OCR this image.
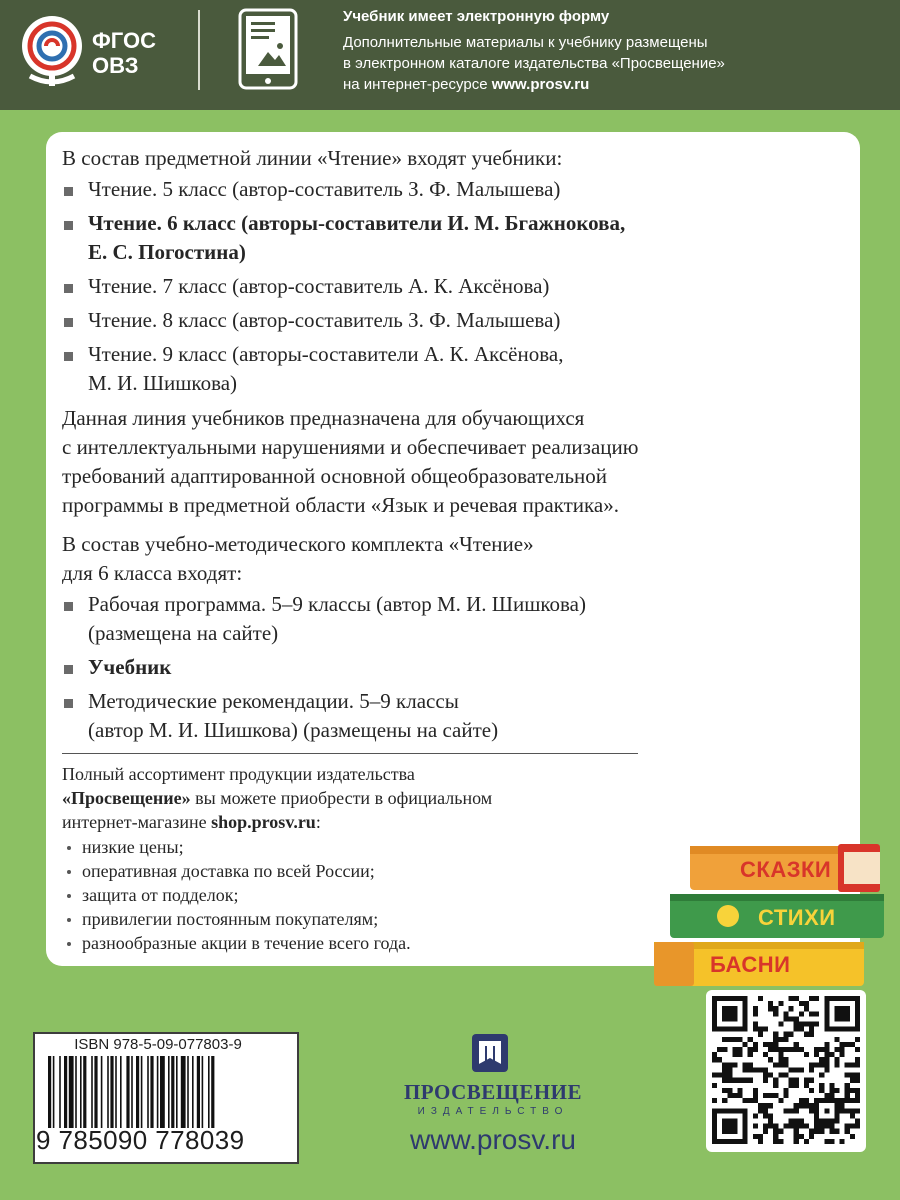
ФГОС
ОВЗ
Учебник имеет электронную форму
Дополнительные материалы к учебнику размещены
в электронном каталоге издательства «Просвещение»
на интернет-ресурсе www.prosv.ru

В состав предметной линии «Чтение» входят учебники:

Чтение. 5 класс (автор-составитель З. Ф. Малышева)
Чтение. 6 класс (авторы-составители И. М. Бгажнокова,
Е. С. Погостина)
Чтение. 7 класс (автор-составитель А. К. Аксёнова)
Чтение. 8 класс (автор-составитель З. Ф. Малышева)
Чтение. 9 класс (авторы-составители А. К. Аксёнова,
М. И. Шишкова)

Данная линия учебников предназначена для обучающихся
с интеллектуальными нарушениями и обеспечивает реализацию
требований адаптированной основной общеобразовательной
программы в предметной области «Язык и речевая практика».

В состав учебно-методического комплекта «Чтение»
для 6 класса входят:

Рабочая программа. 5–9 классы (автор М. И. Шишкова)
(размещена на сайте)
Учебник
Методические рекомендации. 5–9 классы
(автор М. И. Шишкова) (размещены на сайте)
Полный ассортимент продукции издательства
«Просвещение» вы можете приобрести в официальном
интернет-магазине shop.prosv.ru:
низкие цены;
оперативная доставка по всей России;
защита от подделок;
привилегии постоянным покупателям;
разнообразные акции в течение всего года.
СКАЗКИ
СТИХИ
БАСНИ
ISBN 978-5-09-077803-9
9 785090 778039
ПРОСВЕЩЕНИЕ
ИЗДАТЕЛЬСТВО
www.prosv.ru
